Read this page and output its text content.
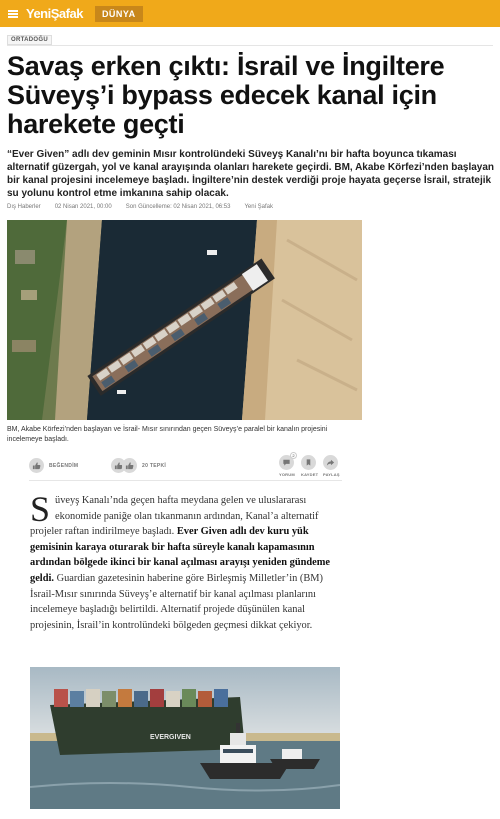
YeniŞafak	DÜNYA
ORTADOĞU
Savaş erken çıktı: İsrail ve İngiltere Süveyş’i bypass edecek kanal için harekete geçti

“Ever Given” adlı dev geminin Mısır kontrolündeki Süveyş Kanalı’nı bir hafta boyunca tıkaması alternatif güzergah, yol ve kanal arayışında olanları harekete geçirdi. BM, Akabe Körfezi’nden başlayan bir kanal projesini incelemeye başladı. İngiltere’nin destek verdiği proje hayata geçerse İsrail, stratejik su yolunu kontrol etme imkanına sahip olacak.

Dış Haberler 02 Nisan 2021, 00:00 Son Güncelleme: 02 Nisan 2021, 06:53 Yeni Şafak

BM, Akabe Körfezi’nden başlayan ve İsrail- Mısır sınırından geçen Süveyş’e paralel bir kanalın projesini incelemeye başladı.

BEĞENDİM	20 TEPKİ
2
YORUM KAYDET PAYLAŞ
Süveyş Kanalı’nda geçen hafta meydana gelen ve uluslararası ekonomide paniğe olan tıkanmanın ardından, Kanal’a alternatif projeler raftan indirilmeye başladı. Ever Given adlı dev kuru yük gemisinin karaya oturarak bir hafta süreyle kanalı kapamasının ardından bölgede ikinci bir kanal açılması arayışı yeniden gündeme geldi. Guardian gazetesinin haberine göre Birleşmiş Milletler’in (BM) İsrail-Mısır sınırında Süveyş’e alternatif bir kanal açılması planlarını incelemeye başladığı belirtildi. Alternatif projede düşünülen kanal projesinin, İsrail’in kontrolündeki bölgeden geçmesi dikkat çekiyor.
EVERGIVEN
